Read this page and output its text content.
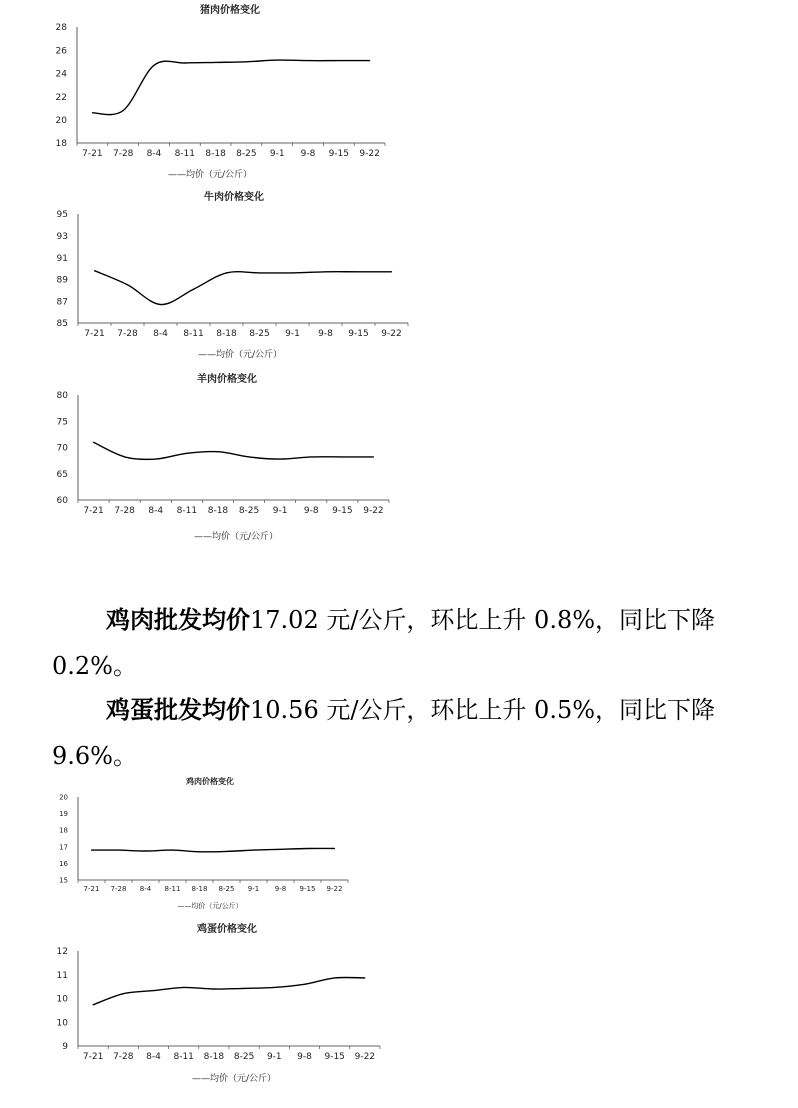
猪肉价格变化
28
26
24
22
20
18
7-21 7-28 8-4 8-11 8-18 8-25 9-1 9-8 9-15 9-22
——均价（元/公斤）
牛肉价格变化
95
93
91
89
87
85
7-21 7-28 8-4 8-11 8-18 8-25 9-1 9-8 9-15 9-22
——均价（元/公斤）
羊肉价格变化
80
75
70
65
60
7-21 7-28 8-4 8-11 8-18 8-25 9-1 9-8 9-15 9-22
——均价（元/公斤）

鸡肉批发均价17.02 元/公斤，环比上升 0.8%，同比下降 0.2%。

鸡蛋批发均价10.56 元/公斤，环比上升 0.5%，同比下降 9.6%。

鸡肉价格变化
20
19
18
17
16
15
7-21 7-28 8-4 8-11 8-18 8-25 9-1 9-8 9-15 9-22
——均价（元/公斤）
鸡蛋价格变化
12
11
10
10
9
7-21 7-28 8-4 8-11 8-18 8-25 9-1 9-8 9-15 9-22
——均价（元/公斤）
